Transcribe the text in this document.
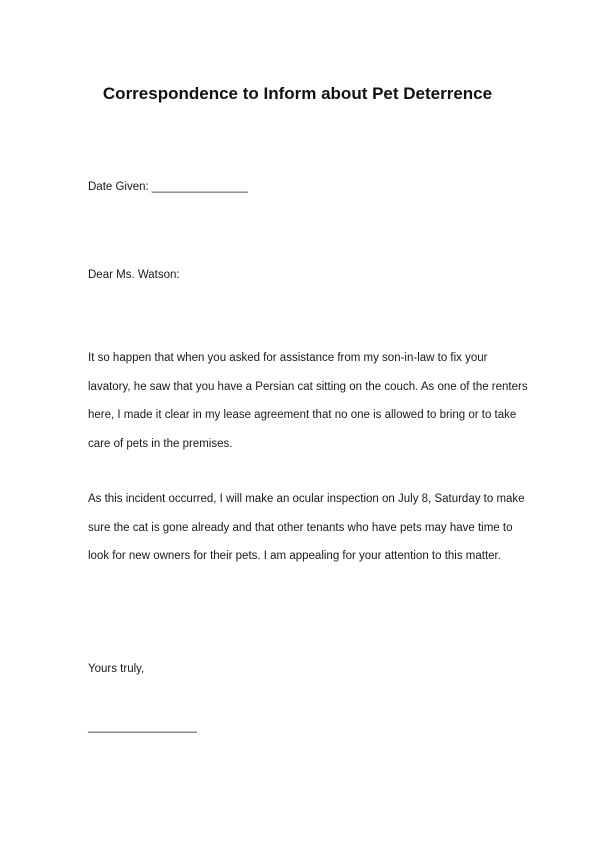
Correspondence to Inform about Pet Deterrence
Date Given: _______________
Dear Ms. Watson:

It so happen that when you asked for assistance from my son-in-law to fix your lavatory, he saw that you have a Persian cat sitting on the couch. As one of the renters here, I made it clear in my lease agreement that no one is allowed to bring or to take care of pets in the premises.

As this incident occurred, I will make an ocular inspection on July 8, Saturday to make sure the cat is gone already and that other tenants who have pets may have time to look for new owners for their pets. I am appealing for your attention to this matter.

Yours truly,
_________________
